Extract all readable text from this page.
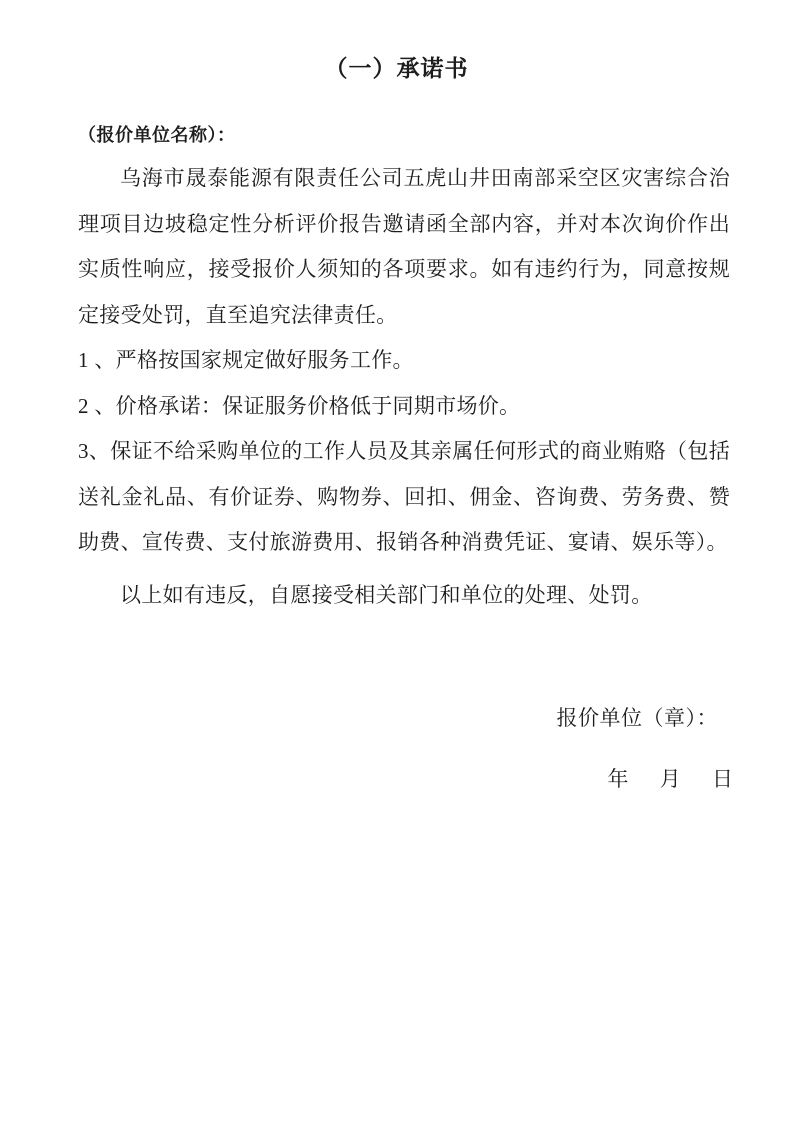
（一）承诺书
（报价单位名称）：

乌海市晟泰能源有限责任公司五虎山井田南部采空区灾害综合治理项目边坡稳定性分析评价报告邀请函全部内容，并对本次询价作出实质性响应，接受报价人须知的各项要求。如有违约行为，同意按规定接受处罚，直至追究法律责任。

1 、严格按国家规定做好服务工作。

2 、价格承诺：保证服务价格低于同期市场价。

3、保证不给采购单位的工作人员及其亲属任何形式的商业贿赂（包括送礼金礼品、有价证券、购物券、回扣、佣金、咨询费、劳务费、赞助费、宣传费、支付旅游费用、报销各种消费凭证、宴请、娱乐等）。

以上如有违反，自愿接受相关部门和单位的处理、处罚。

报价单位（章）：
年 月 日
